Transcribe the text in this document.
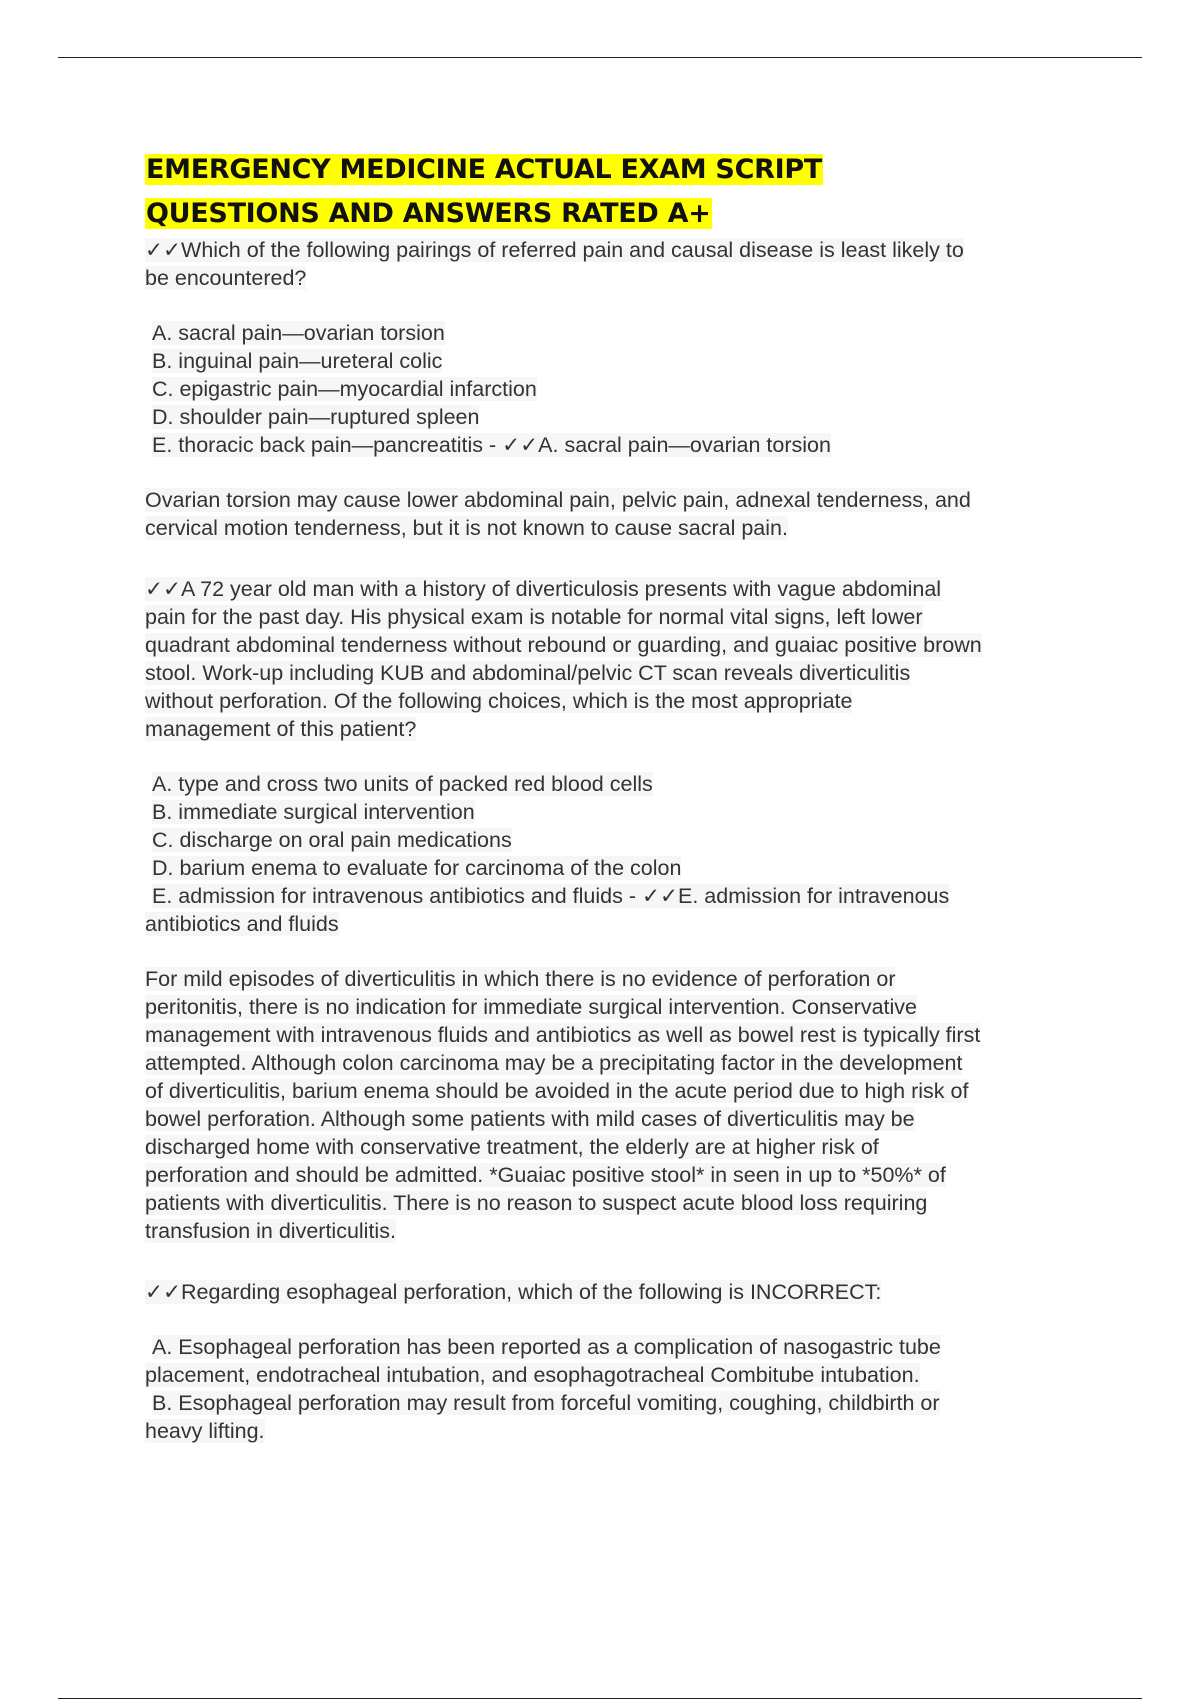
EMERGENCY MEDICINE ACTUAL EXAM SCRIPT
QUESTIONS AND ANSWERS RATED A+

✓✓Which of the following pairings of referred pain and causal disease is least likely to

be encountered?

A. sacral pain—ovarian torsion

B. inguinal pain—ureteral colic

C. epigastric pain—myocardial infarction

D. shoulder pain—ruptured spleen

E. thoracic back pain—pancreatitis - ✓✓A. sacral pain—ovarian torsion

Ovarian torsion may cause lower abdominal pain, pelvic pain, adnexal tenderness, and

cervical motion tenderness, but it is not known to cause sacral pain.

✓✓A 72 year old man with a history of diverticulosis presents with vague abdominal

pain for the past day. His physical exam is notable for normal vital signs, left lower

quadrant abdominal tenderness without rebound or guarding, and guaiac positive brown

stool. Work-up including KUB and abdominal/pelvic CT scan reveals diverticulitis

without perforation. Of the following choices, which is the most appropriate

management of this patient?

A. type and cross two units of packed red blood cells

B. immediate surgical intervention

C. discharge on oral pain medications

D. barium enema to evaluate for carcinoma of the colon

E. admission for intravenous antibiotics and fluids - ✓✓E. admission for intravenous

antibiotics and fluids

For mild episodes of diverticulitis in which there is no evidence of perforation or

peritonitis, there is no indication for immediate surgical intervention. Conservative

management with intravenous fluids and antibiotics as well as bowel rest is typically first

attempted. Although colon carcinoma may be a precipitating factor in the development

of diverticulitis, barium enema should be avoided in the acute period due to high risk of

bowel perforation. Although some patients with mild cases of diverticulitis may be

discharged home with conservative treatment, the elderly are at higher risk of

perforation and should be admitted. *Guaiac positive stool* in seen in up to *50%* of

patients with diverticulitis. There is no reason to suspect acute blood loss requiring

transfusion in diverticulitis.

✓✓Regarding esophageal perforation, which of the following is INCORRECT:

A. Esophageal perforation has been reported as a complication of nasogastric tube

placement, endotracheal intubation, and esophagotracheal Combitube intubation.

B. Esophageal perforation may result from forceful vomiting, coughing, childbirth or

heavy lifting.
